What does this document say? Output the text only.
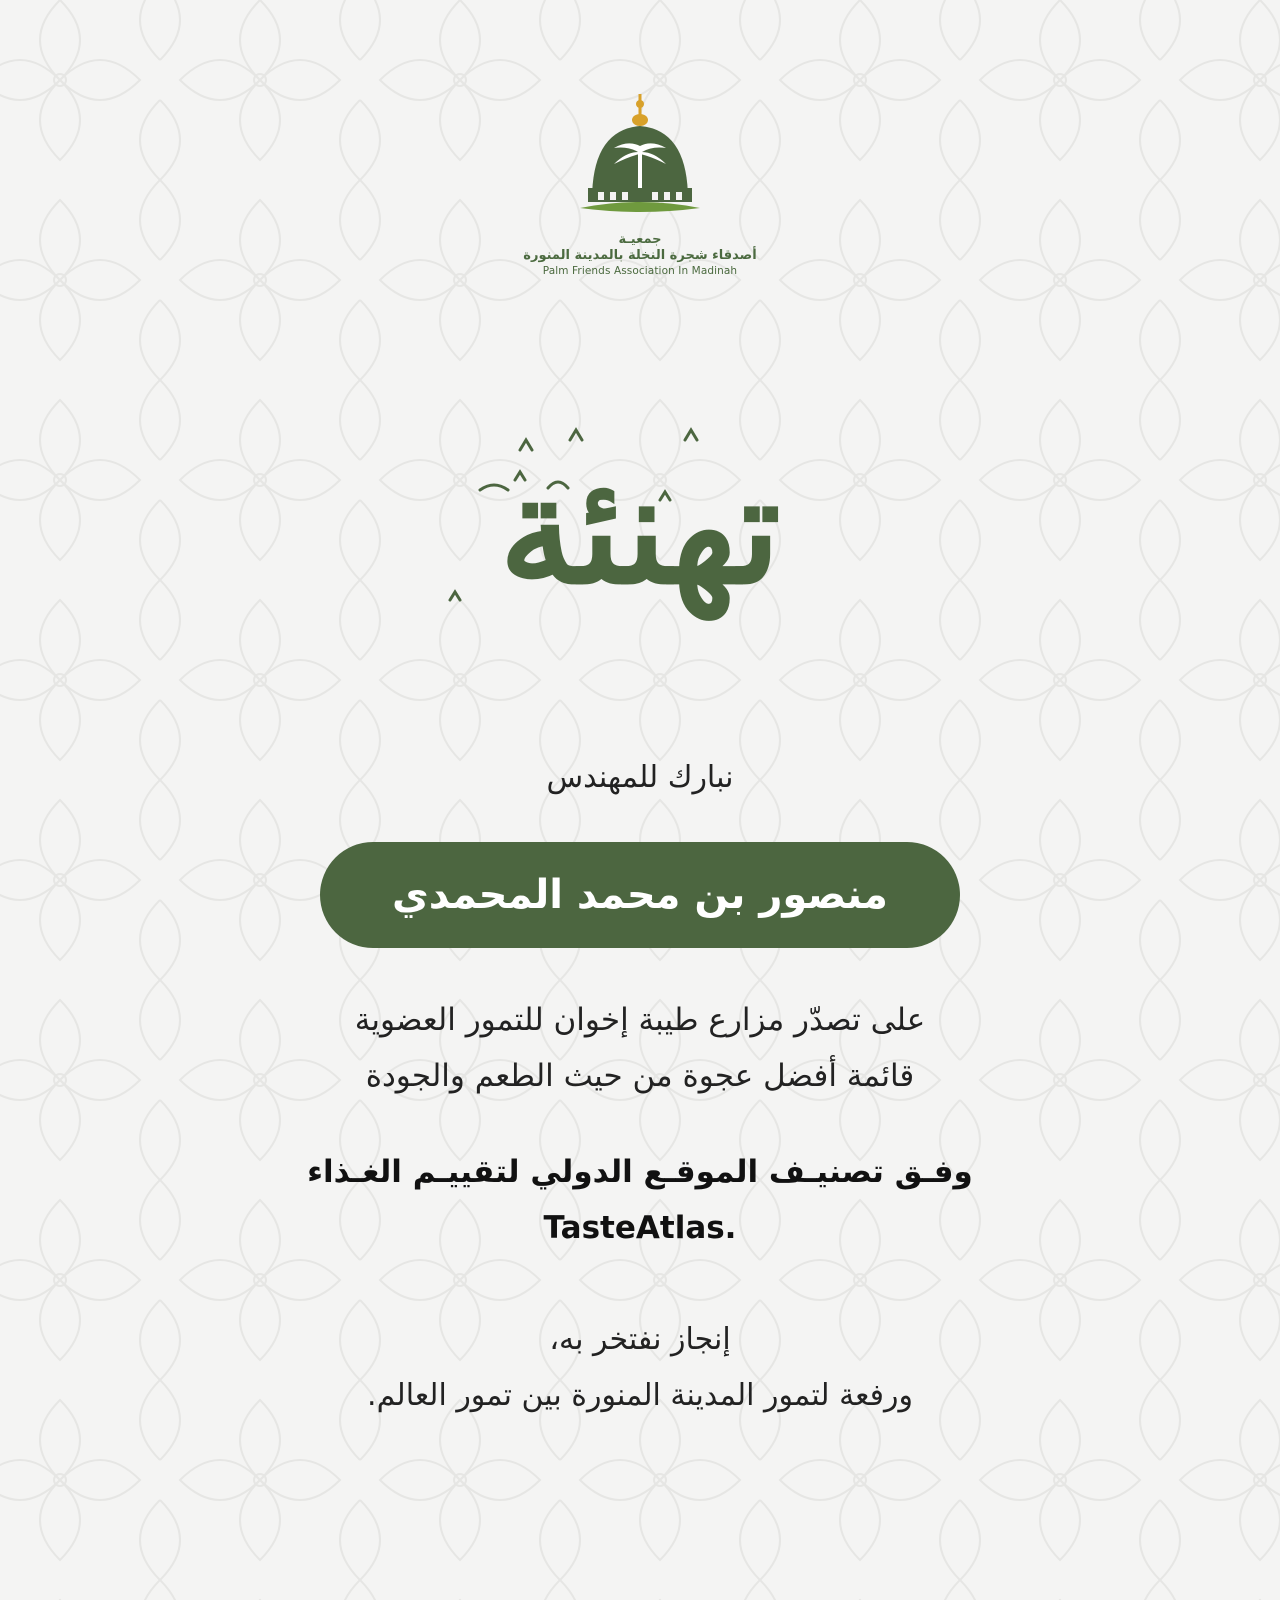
جمعيـة
أصدقاء شجرة النخلة بالمدينة المنورة
Palm Friends Association In Madinah
تهنئة
نبارك للمهندس
منصور بن محمد المحمدي
على تصدّر مزارع طيبة إخوان للتمور العضوية
قائمة أفضل عجوة من حيث الطعم والجودة
وفـق تصنيـف الموقـع الدولي لتقييـم الغـذاء
TasteAtlas.
إنجاز نفتخر به،
ورفعة لتمور المدينة المنورة بين تمور العالم.
